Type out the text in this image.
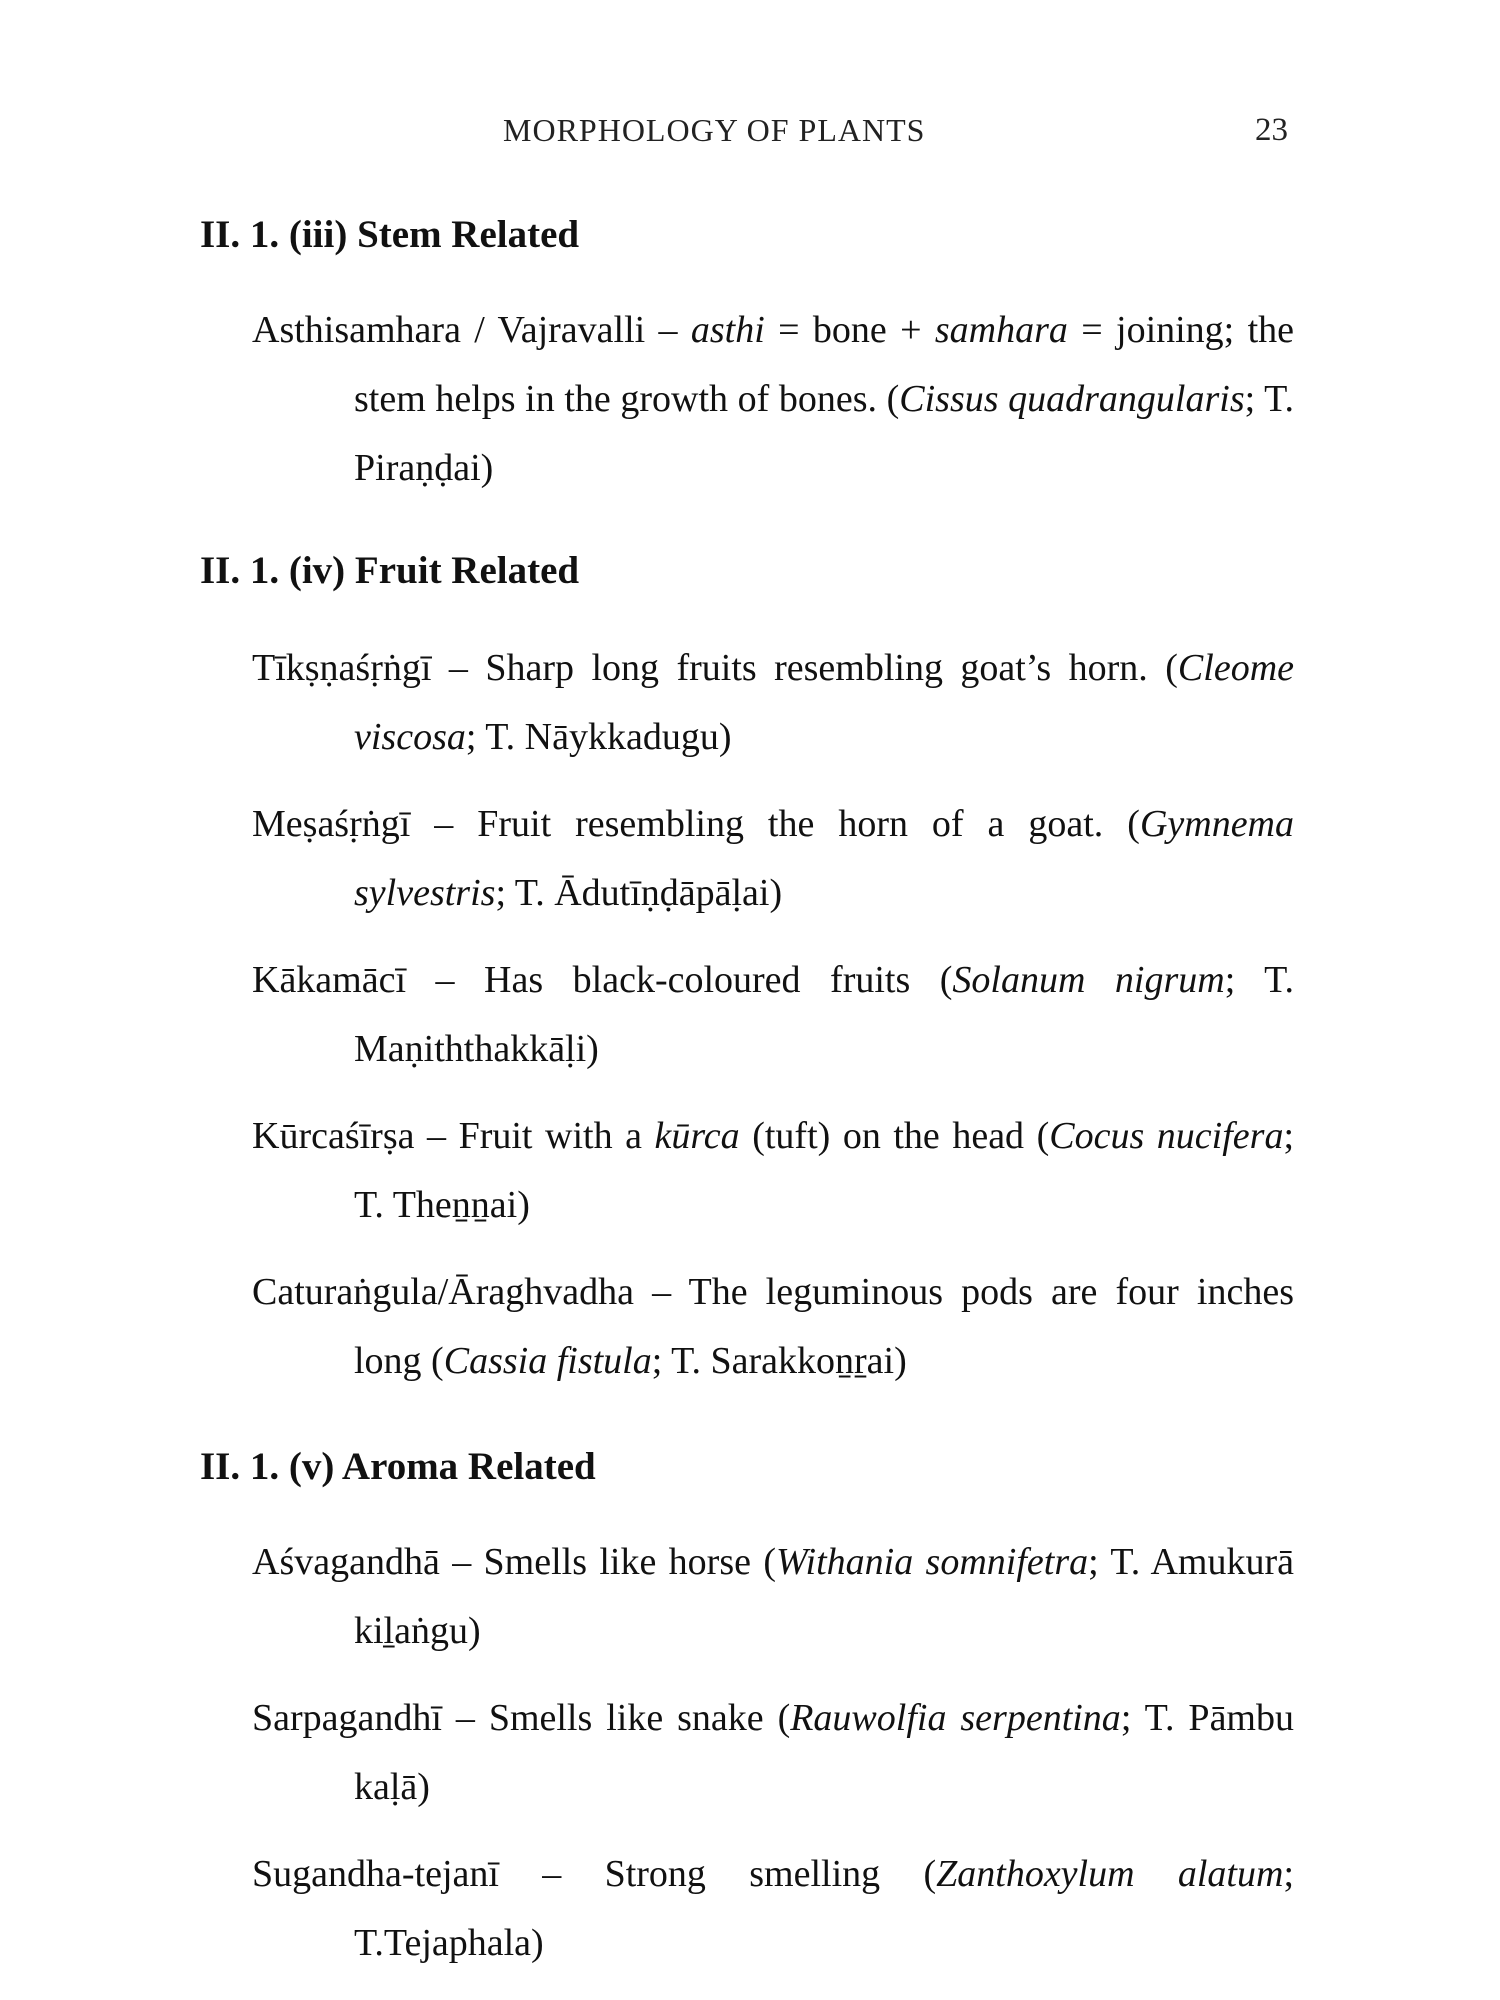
MORPHOLOGY OF PLANTS	23
II. 1. (iii) Stem Related

Asthisamhara / Vajravalli – asthi = bone + samhara = joining; the stem helps in the growth of bones. (Cissus quadrangularis; T. Piraṇḍai)

II. 1. (iv) Fruit Related

Tīkṣṇaśṛṅgī – Sharp long fruits resembling goat’s horn. (Cleome viscosa; T. Nāykkadugu)

Meṣaśṛṅgī – Fruit resembling the horn of a goat. (Gymnema sylvestris; T. Ādutīṇḍāpāḷai)

Kākamācī – Has black-coloured fruits (Solanum nigrum; T. Maṇiththakkāḷi)

Kūrcaśīrṣa – Fruit with a kūrca (tuft) on the head (Cocus nucifera; T. Theṉṉai)

Caturaṅgula/Āraghvadha – The leguminous pods are four inches long (Cassia fistula; T. Sarakkoṉṟai)

II. 1. (v) Aroma Related

Aśvagandhā – Smells like horse (Withania somnifetra; T. Amukurā kiḻaṅgu)

Sarpagandhī – Smells like snake (Rauwolfia serpentina; T. Pāmbu kaḷā)

Sugandha-tejanī – Strong smelling (Zanthoxylum alatum; T.Tejaphala)
